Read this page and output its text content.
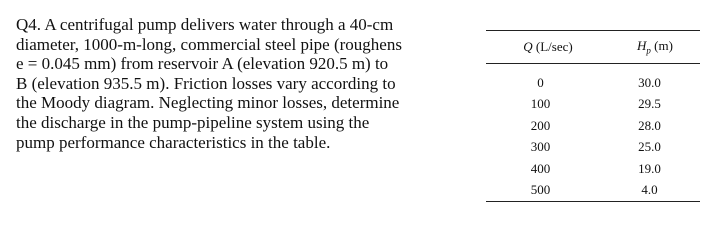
Q4. A centrifugal pump delivers water through a 40-cm
diameter, 1000-m-long, commercial steel pipe (roughens
e = 0.045 mm) from reservoir A (elevation 920.5 m) to
B (elevation 935.5 m). Friction losses vary according to
the Moody diagram. Neglecting minor losses, determine
the discharge in the pump-pipeline system using the
pump performance characteristics in the table.
Q (L/sec)	$H_p$ (m)
0	30.0
100	29.5
200	28.0
300	25.0
400	19.0
500	4.0
